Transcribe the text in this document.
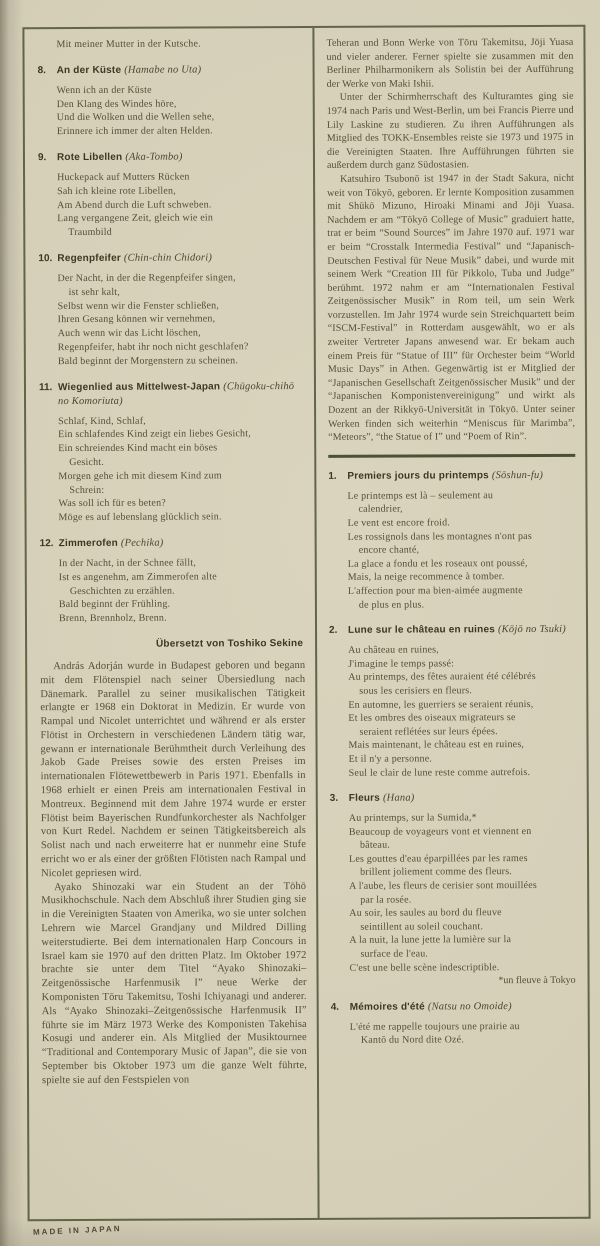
Mit meiner Mutter in der Kutsche.
8.	An der Küste (Hamabe no Uta)
Wenn ich an der Küste
Den Klang des Windes höre,
Und die Wolken und die Wellen sehe,
Erinnere ich immer der alten Helden.
9.	Rote Libellen (Aka-Tombo)
Huckepack auf Mutters Rücken
Sah ich kleine rote Libellen,
Am Abend durch die Luft schweben.
Lang vergangene Zeit, gleich wie ein
Traumbild
10. Regenpfeifer (Chin-chin Chidori)
Der Nacht, in der die Regenpfeifer singen,
ist sehr kalt,
Selbst wenn wir die Fenster schließen,
Ihren Gesang können wir vernehmen,
Auch wenn wir das Licht löschen,
Regenpfeifer, habt ihr noch nicht geschlafen?
Bald beginnt der Morgenstern zu scheinen.
11. Wiegenlied aus Mittelwest-Japan (Chūgoku-chihō no Komoriuta)
Schlaf, Kind, Schlaf,
Ein schlafendes Kind zeigt ein liebes Gesicht,
Ein schreiendes Kind macht ein böses
Gesicht.
Morgen gehe ich mit diesem Kind zum
Schrein:
Was soll ich für es beten?
Möge es auf lebenslang glücklich sein.
12. Zimmerofen (Pechika)
In der Nacht, in der Schnee fällt,
Ist es angenehm, am Zimmerofen alte
Geschichten zu erzählen.
Bald beginnt der Frühling.
Brenn, Brennholz, Brenn.
Übersetzt von Toshiko Sekine

András Adorján wurde in Budapest geboren und begann mit dem Flötenspiel nach seiner Übersiedlung nach Dänemark. Parallel zu seiner musikalischen Tätigkeit erlangte er 1968 ein Doktorat in Medizin. Er wurde von Rampal und Nicolet unterrichtet und während er als erster Flötist in Orchestern in verschiedenen Ländern tätig war, gewann er internationale Berühmtheit durch Verleihung des Jakob Gade Preises sowie des ersten Preises im internationalen Flötewettbewerb in Paris 1971. Ebenfalls in 1968 erhielt er einen Preis am internationalen Festival in Montreux. Beginnend mit dem Jahre 1974 wurde er erster Flötist beim Bayerischen Rundfunkorchester als Nachfolger von Kurt Redel. Nachdem er seinen Tätigkeitsbereich als Solist nach und nach erweiterre hat er nunmehr eine Stufe erricht wo er als einer der größten Flötisten nach Rampal und Nicolet gepriesen wird.

Ayako Shinozaki war ein Student an der Tōhō Musikhochschule. Nach dem Abschluß ihrer Studien ging sie in die Vereinigten Staaten von Amerika, wo sie unter solchen Lehrern wie Marcel Grandjany und Mildred Dilling weiterstudierte. Bei dem internationalen Harp Concours in Israel kam sie 1970 auf den dritten Platz. Im Oktober 1972 brachte sie unter dem Titel “Ayako Shinozaki–Zeitgenössische Harfenmusik I” neue Werke der Komponisten Tōru Takemitsu, Toshi Ichiyanagi und anderer. Als “Ayako Shinozaki–Zeitgenössische Harfenmusik II” führte sie im März 1973 Werke des Komponisten Takehisa Kosugi und anderer ein. Als Mitglied der Musiktournee “Traditional and Contemporary Music of Japan”, die sie von September bis Oktober 1973 um die ganze Welt führte, spielte sie auf den Festspielen von

Teheran und Bonn Werke von Tōru Takemitsu, Jōji Yuasa und vieler anderer. Ferner spielte sie zusammen mit den Berliner Philharmonikern als Solistin bei der Aufführung der Werke von Maki Ishii.

Unter der Schirmherrschaft des Kulturamtes ging sie 1974 nach Paris und West-Berlin, um bei Francis Pierre und Lily Laskine zu studieren. Zu ihren Aufführungen als Mitglied des TOKK-Ensembles reiste sie 1973 und 1975 in die Vereinigten Staaten. Ihre Aufführungen führten sie außerdem durch ganz Südostasien.

Katsuhiro Tsubonō ist 1947 in der Stadt Sakura, nicht weit von Tōkyō, geboren. Er lernte Komposition zusammen mit Shūkō Mizuno, Hiroaki Minami and Jōji Yuasa. Nachdem er am “Tōkyō College of Music” graduiert hatte, trat er beim “Sound Sources” im Jahre 1970 auf. 1971 war er beim “Crosstalk Intermedia Festival” und “Japanisch-Deutschen Festival für Neue Musik” dabei, und wurde mit seinem Werk “Creation III für Pikkolo, Tuba und Judge” berühmt. 1972 nahm er am “Internationalen Festival Zeitgenössischer Musik” in Rom teil, um sein Werk vorzustellen. Im Jahr 1974 wurde sein Streichquartett beim “ISCM-Festival” in Rotterdam ausgewählt, wo er als zweiter Vertreter Japans anwesend war. Er bekam auch einem Preis für “Statue of III” für Orchester beim “World Music Days” in Athen. Gegenwärtig ist er Mitglied der “Japanischen Gesellschaft Zeitgenössischer Musik” und der “Japanischen Komponistenvereinigung” und wirkt als Dozent an der Rikkyō-Universität in Tōkyō. Unter seiner Werken finden sich weiterhin “Meniscus für Marimba”, “Meteors”, “the Statue of I” und “Poem of Rin”.

1.	Premiers jours du printemps (Sōshun-fu)
Le printemps est là – seulement au
calendrier,
Le vent est encore froid.
Les rossignols dans les montagnes n'ont pas
encore chanté,
La glace a fondu et les roseaux ont poussé,
Mais, la neige recommence à tomber.
L'affection pour ma bien-aimée augmente
de plus en plus.
2.	Lune sur le château en ruines (Kōjō no Tsuki)
Au château en ruines,
J'imagine le temps passé:
Au printemps, des fêtes auraient été célébrés
sous les cerisiers en fleurs.
En automne, les guerriers se seraient réunis,
Et les ombres des oiseaux migrateurs se
seraient reflétées sur leurs épées.
Mais maintenant, le château est en ruines,
Et il n'y a personne.
Seul le clair de lune reste comme autrefois.
3.	Fleurs (Hana)
Au printemps, sur la Sumida,*
Beaucoup de voyageurs vont et viennent en
bâteau.
Les gouttes d'eau éparpillées par les rames
brillent joliement comme des fleurs.
A l'aube, les fleurs de cerisier sont mouillées
par la rosée.
Au soir, les saules au bord du fleuve
seintillent au soleil couchant.
A la nuit, la lune jette la lumière sur la
surface de l'eau.
C'est une belle scène indescriptible.
*un fleuve à Tokyo
4.	Mémoires d'été (Natsu no Omoide)
L'été me rappelle toujours une prairie au
Kantō du Nord dite Ozé.
MADE IN JAPAN
